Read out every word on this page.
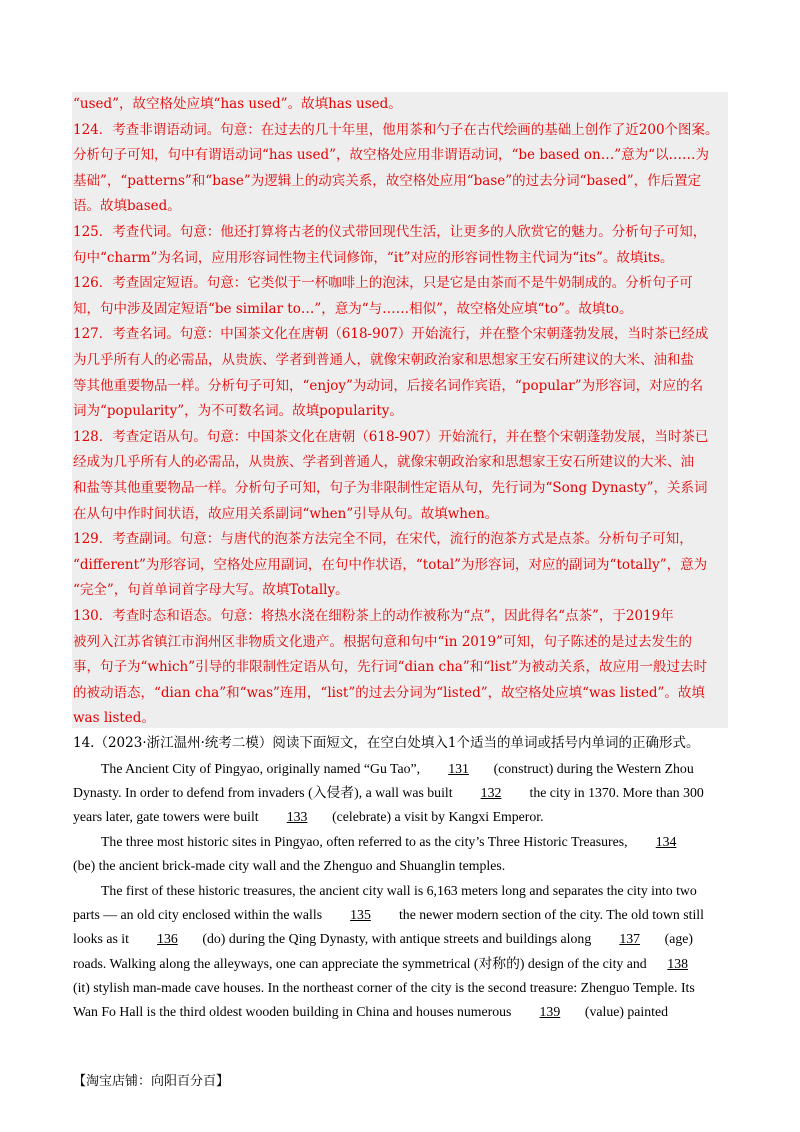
“used”，故空格处应填“has used”。故填has used。
124．考查非谓语动词。句意：在过去的几十年里，他用茶和勺子在古代绘画的基础上创作了近200个图案。
分析句子可知，句中有谓语动词“has used”，故空格处应用非谓语动词，“be based on…”意为“以……为
基础”，“patterns”和“base”为逻辑上的动宾关系，故空格处应用“base”的过去分词“based”，作后置定
语。故填based。
125．考查代词。句意：他还打算将古老的仪式带回现代生活，让更多的人欣赏它的魅力。分析句子可知，
句中“charm”为名词，应用形容词性物主代词修饰，“it”对应的形容词性物主代词为“its”。故填its。
126．考查固定短语。句意：它类似于一杯咖啡上的泡沫，只是它是由茶而不是牛奶制成的。分析句子可
知，句中涉及固定短语“be similar to…”，意为“与……相似”，故空格处应填“to”。故填to。
127．考查名词。句意：中国茶文化在唐朝（618-907）开始流行，并在整个宋朝蓬勃发展，当时茶已经成
为几乎所有人的必需品，从贵族、学者到普通人，就像宋朝政治家和思想家王安石所建议的大米、油和盐
等其他重要物品一样。分析句子可知，“enjoy”为动词，后接名词作宾语，“popular”为形容词，对应的名
词为“popularity”，为不可数名词。故填popularity。
128．考查定语从句。句意：中国茶文化在唐朝（618-907）开始流行，并在整个宋朝蓬勃发展，当时茶已
经成为几乎所有人的必需品，从贵族、学者到普通人，就像宋朝政治家和思想家王安石所建议的大米、油
和盐等其他重要物品一样。分析句子可知，句子为非限制性定语从句，先行词为“Song Dynasty”，关系词
在从句中作时间状语，故应用关系副词“when”引导从句。故填when。
129．考查副词。句意：与唐代的泡茶方法完全不同，在宋代，流行的泡茶方式是点茶。分析句子可知，
“different”为形容词，空格处应用副词，在句中作状语，“total”为形容词，对应的副词为“totally”，意为
“完全”，句首单词首字母大写。故填Totally。
130．考查时态和语态。句意：将热水浇在细粉茶上的动作被称为“点”，因此得名“点茶”，于2019年
被列入江苏省镇江市润州区非物质文化遗产。根据句意和句中“in 2019”可知，句子陈述的是过去发生的
事，句子为“which”引导的非限制性定语从句，先行词“dian cha”和“list”为被动关系，故应用一般过去时
的被动语态，“dian cha”和“was”连用，“list”的过去分词为“listed”，故空格处应填“was listed”。故填
was listed。
14.（2023·浙江温州·统考二模）阅读下面短文，在空白处填入1个适当的单词或括号内单词的正确形式。
The Ancient City of Pingyao, originally named “Gu Tao”, 131 (construct) during the Western Zhou
Dynasty. In order to defend from invaders (入侵者), a wall was built 132 the city in 1370. More than 300
years later, gate towers were built 133 (celebrate) a visit by Kangxi Emperor.
The three most historic sites in Pingyao, often referred to as the city’s Three Historic Treasures, 134
(be) the ancient brick-made city wall and the Zhenguo and Shuanglin temples.
The first of these historic treasures, the ancient city wall is 6,163 meters long and separates the city into two
parts — an old city enclosed within the walls 135 the newer modern section of the city. The old town still
looks as it 136 (do) during the Qing Dynasty, with antique streets and buildings along 137 (age)
roads. Walking along the alleyways, one can appreciate the symmetrical (对称的) design of the city and 138
(it) stylish man-made cave houses. In the northeast corner of the city is the second treasure: Zhenguo Temple. Its
Wan Fo Hall is the third oldest wooden building in China and houses numerous 139 (value) painted
【淘宝店铺：向阳百分百】
